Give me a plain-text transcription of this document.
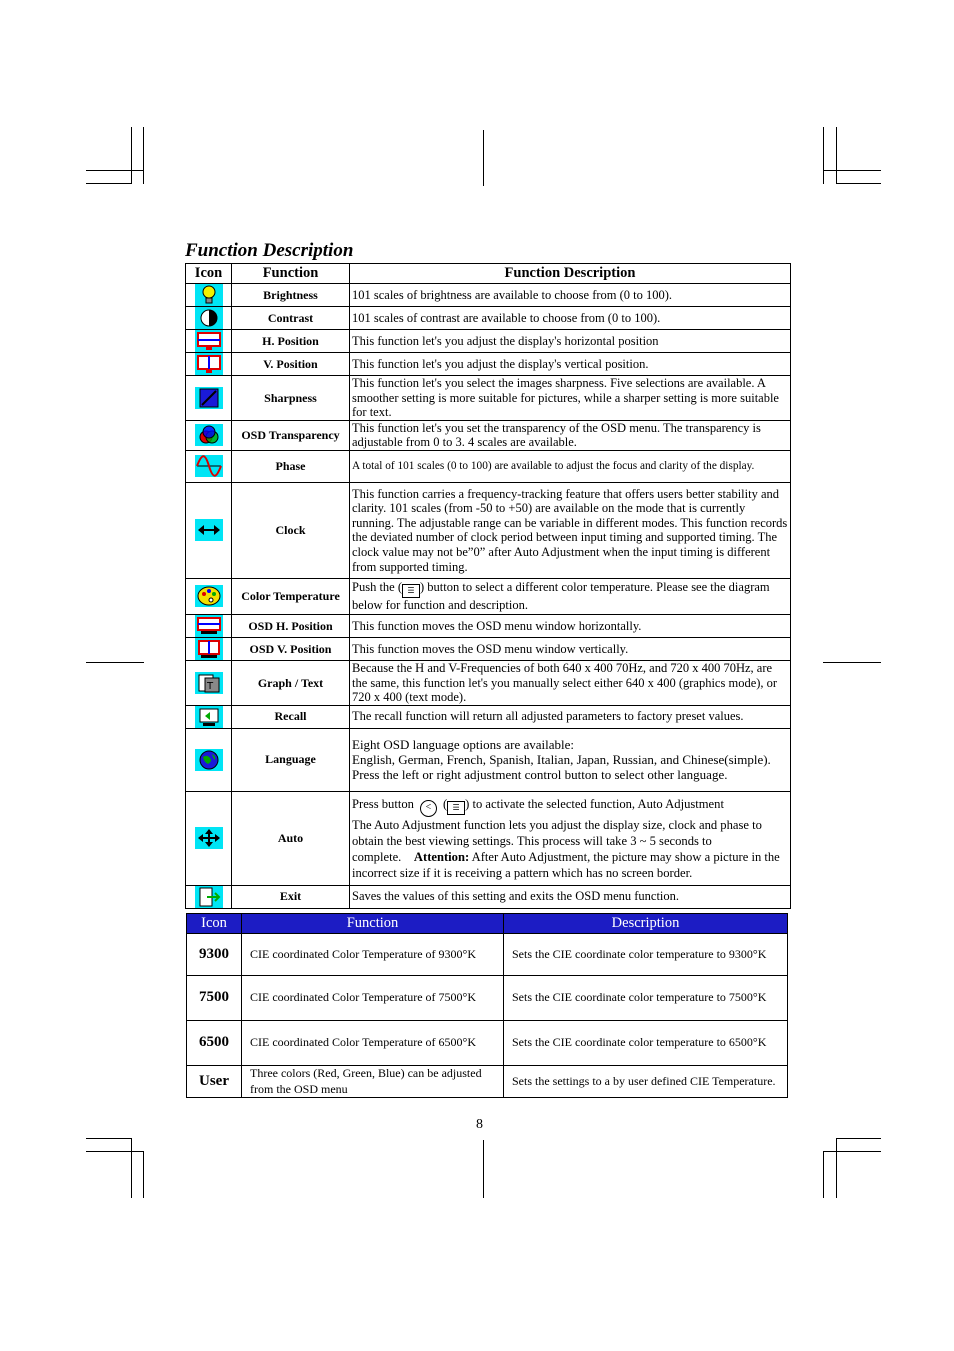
Function Description
Icon	Function	Function Description
	Brightness	101 scales of brightness are available to choose from (0 to 100).
	Contrast	101 scales of contrast are available to choose from (0 to 100).
	H. Position	This function let's you adjust the display's horizontal position
	V. Position	This function let's you adjust the display's vertical position.
	Sharpness	This function let's you select the images sharpness. Five selections are available. A smoother setting is more suitable for pictures, while a sharper setting is more suitable for text.
	OSD Transparency	This function let's you set the transparency of the OSD menu. The transparency is adjustable from 0 to 3. 4 scales are available.
	Phase	A total of 101 scales (0 to 100) are available to adjust the focus and clarity of the display.
	Clock	This function carries a frequency-tracking feature that offers users better stability and clarity. 101 scales (from -50 to +50) are available on the mode that is currently running. The adjustable range can be variable in different modes. This function records the deviated number of clock period between input timing and supported timing. The clock value may not be”0” after Auto Adjustment when the input timing is different from supported timing.
	Color Temperature	Push the ( ☰ ) button to select a different color temperature. Please see the diagram below for function and description.
	OSD H. Position	This function moves the OSD menu window horizontally.
	OSD V. Position	This function moves the OSD menu window vertically.

T	Graph / Text	Because the H and V-Frequencies of both 640 x 400 70Hz, and 720 x 400 70Hz, are the same, this function let's you manually select either 640 x 400 (graphics mode), or 720 x 400 (text mode).
	Recall	The recall function will return all adjusted parameters to factory preset values.
	Language	Eight OSD language options are available:
English, German, French, Spanish, Italian, Japan, Russian, and Chinese(simple).
Press the left or right adjustment control button to select other language.

	Auto	Press button < ( ☰ ) to activate the selected function, Auto Adjustment
The Auto Adjustment function lets you adjust the display size, clock and phase to obtain the best viewing settings. This process will take 3 ~ 5 seconds to complete. Attention: After Auto Adjustment, the picture may show a picture in the incorrect size if it is receiving a pattern which has no screen border.

	Exit	Saves the values of this setting and exits the OSD menu function.
Icon	Function	Description
9300	CIE coordinated Color Temperature of 9300°K	Sets the CIE coordinate color temperature to 9300°K
7500	CIE coordinated Color Temperature of 7500°K	Sets the CIE coordinate color temperature to 7500°K
6500	CIE coordinated Color Temperature of 6500°K	Sets the CIE coordinate color temperature to 6500°K
User	Three colors (Red, Green, Blue) can be adjusted from the OSD menu	Sets the settings to a by user defined CIE Temperature.
8
